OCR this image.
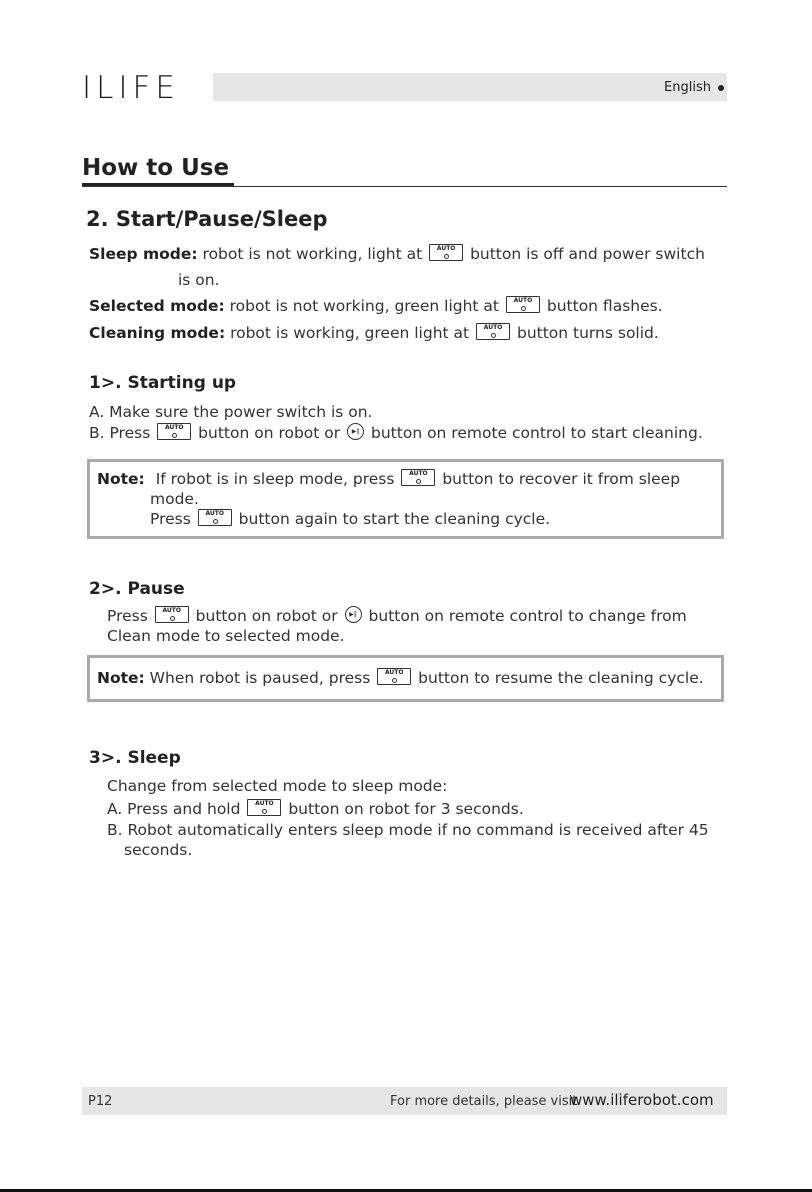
ILIFE	English
How to Use
2. Start/Pause/Sleep
Sleep mode: robot is not working, light at	AUTO button is off and power switch
is on.
Selected mode: robot is not working, green light at	AUTO button flashes.
Cleaning mode: robot is working, green light at	AUTO button turns solid.
1>. Starting up
A. Make sure the power switch is on.
B. Press	AUTO button on robot or ▶‖ button on remote control to start cleaning.
Note: If robot is in sleep mode, press	AUTO button to recover it from sleep
mode.
Press	AUTO button again to start the cleaning cycle.
2>. Pause
Press	AUTO button on robot or ▶‖ button on remote control to change from
Clean mode to selected mode.
Note: When robot is paused, press	AUTO button to resume the cleaning cycle.
3>. Sleep
Change from selected mode to sleep mode:
A. Press and hold	AUTO button on robot for 3 seconds.
B. Robot automatically enters sleep mode if no command is received after 45
seconds.
P12	For more details, please visit
www.iliferobot.com
